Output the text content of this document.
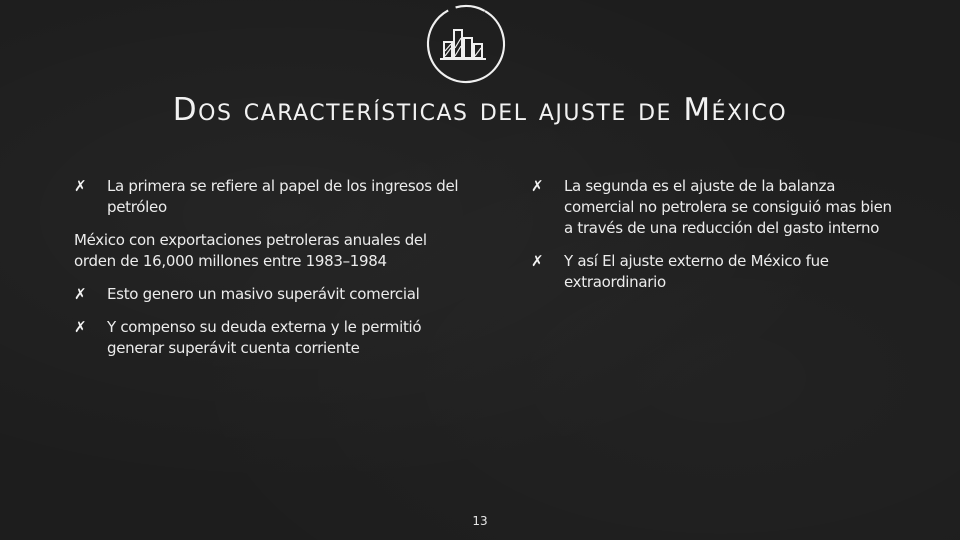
Dos características del ajuste de México
✗ La primera se refiere al papel de los ingresos del petróleo
México con exportaciones petroleras anuales del orden de 16,000 millones entre 1983–1984
✗ Esto genero un masivo superávit comercial
✗ Y compenso su deuda externa y le permitió generar superávit cuenta corriente
✗ La segunda es el ajuste de la balanza comercial no petrolera se consiguió mas bien a través de una reducción del gasto interno
✗ Y así El ajuste externo de México fue extraordinario
13
